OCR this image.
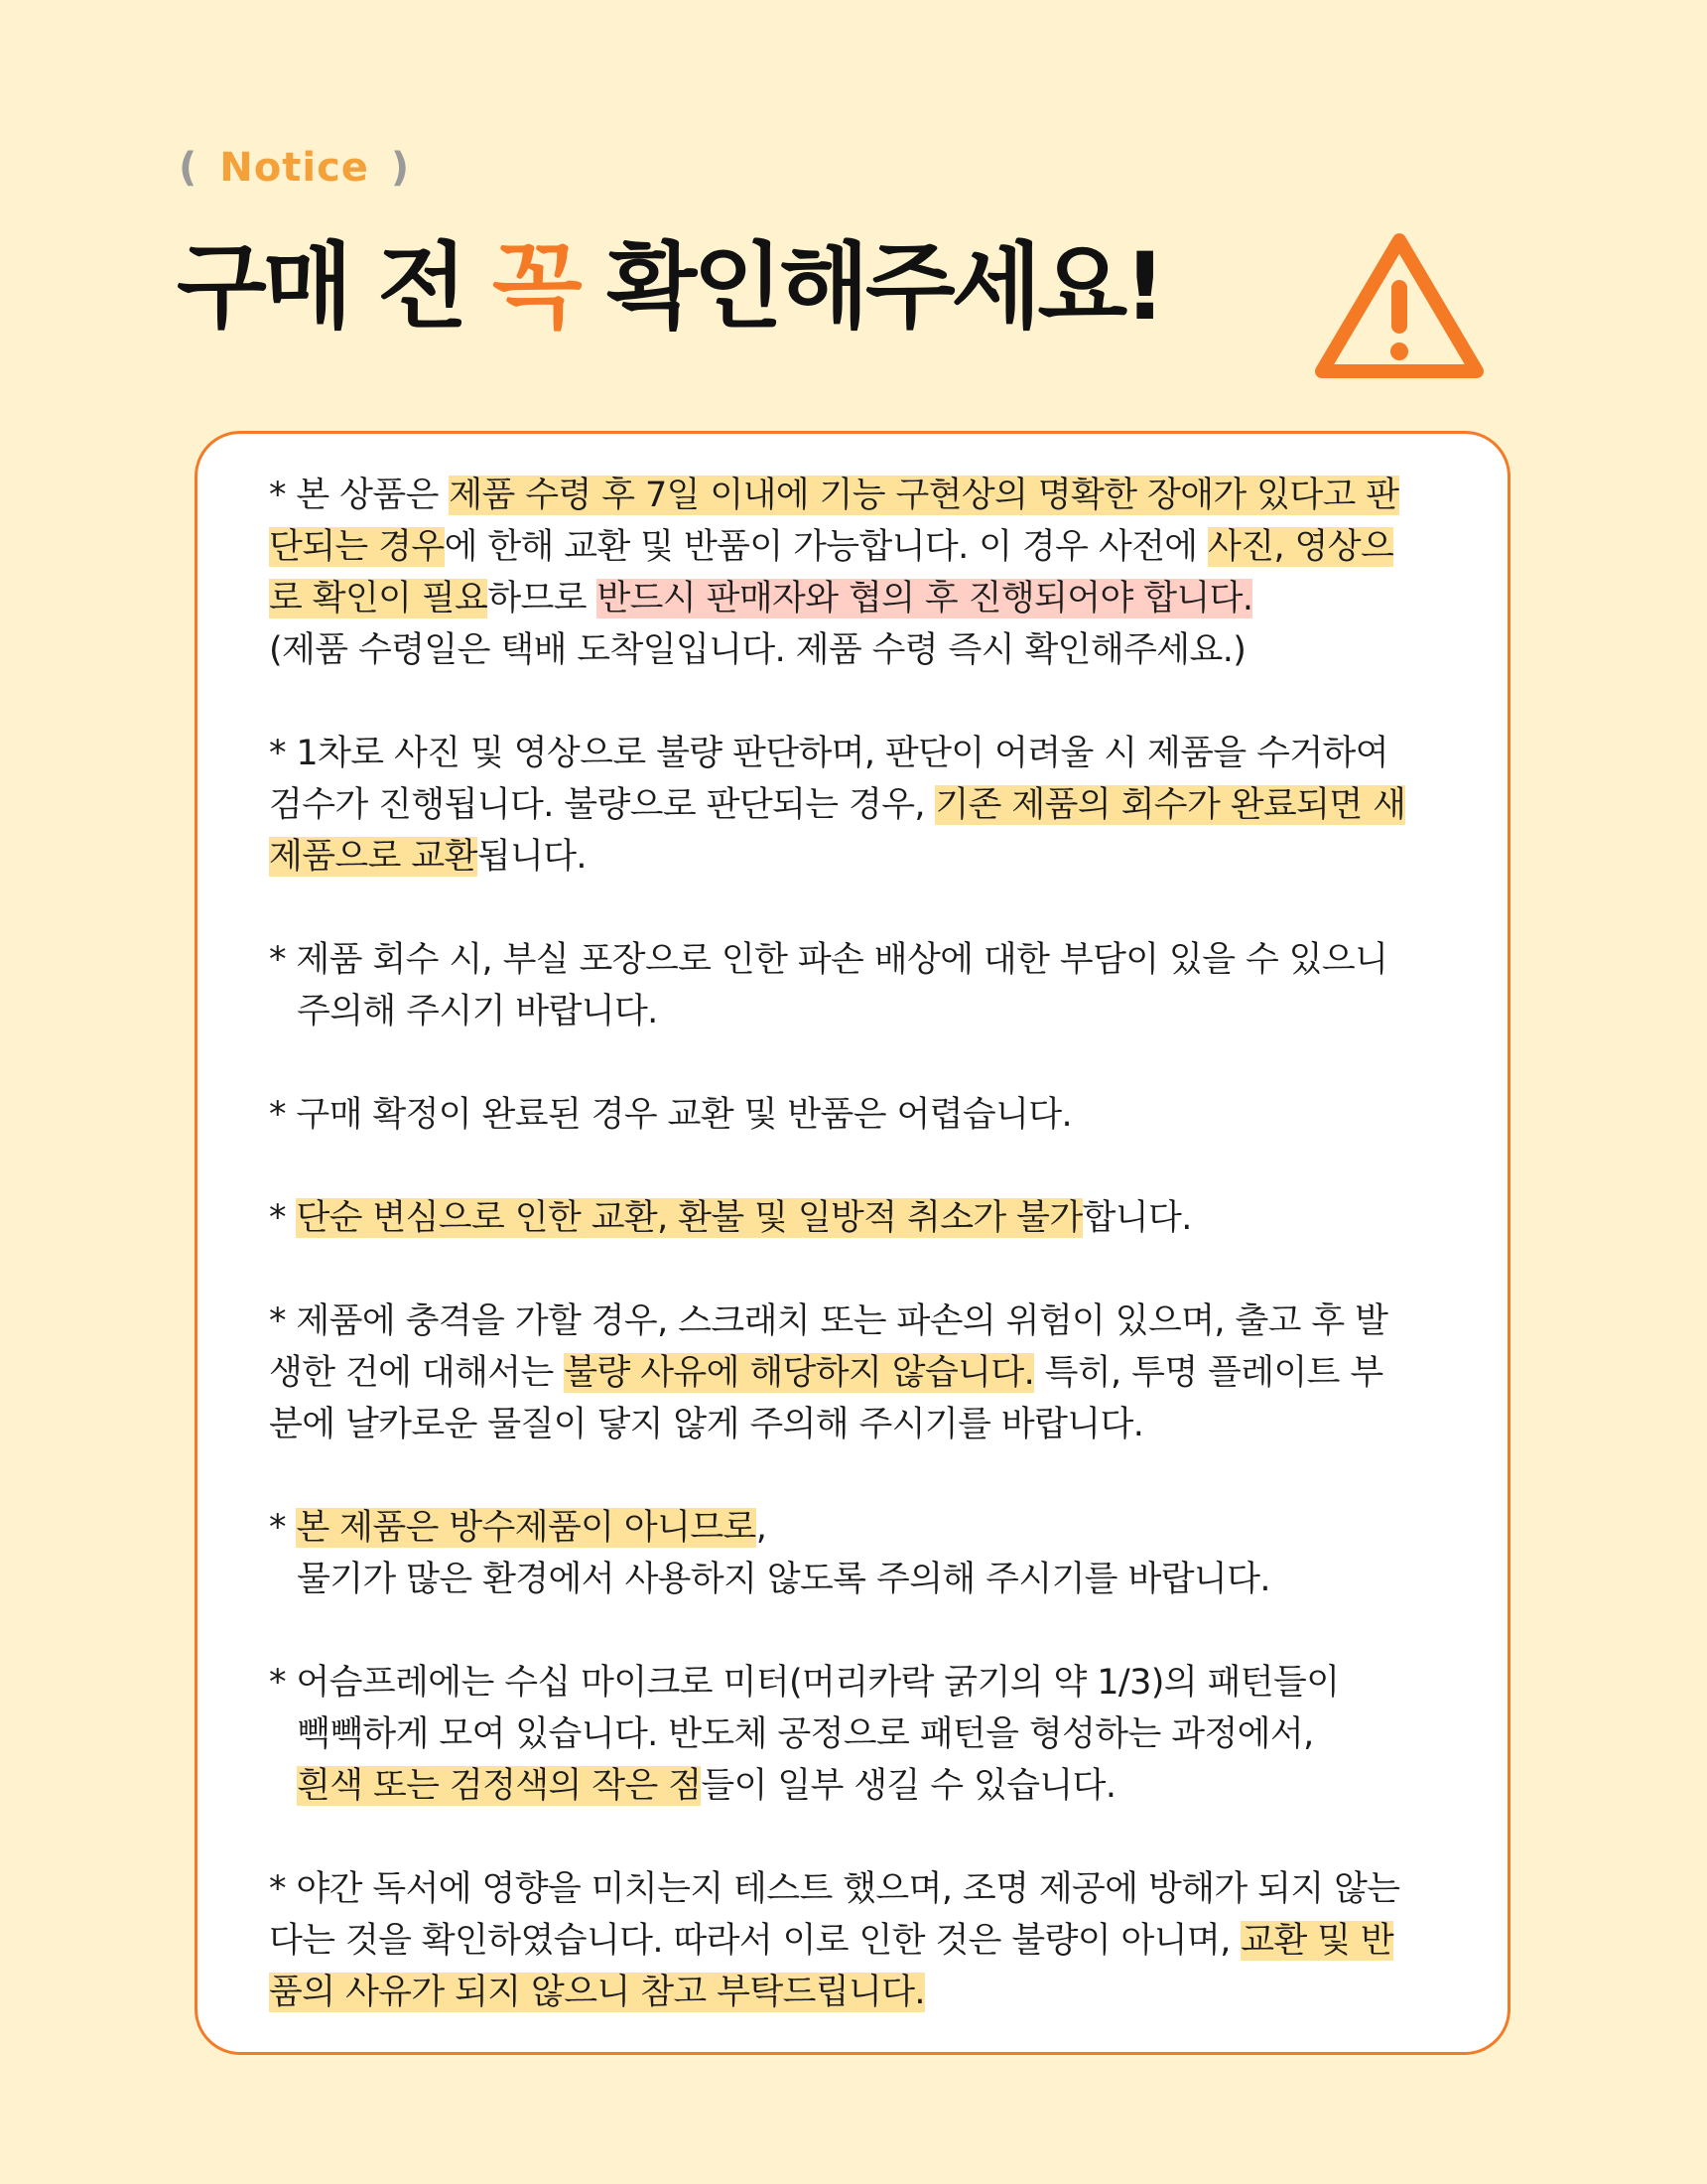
( Notice )
구매 전 꼭 확인해주세요!
* 본 상품은 제품 수령 후 7일 이내에 기능 구현상의 명확한 장애가 있다고 판
단되는 경우에 한해 교환 및 반품이 가능합니다. 이 경우 사전에 사진, 영상으
로 확인이 필요하므로 반드시 판매자와 협의 후 진행되어야 합니다.
(제품 수령일은 택배 도착일입니다. 제품 수령 즉시 확인해주세요.)
* 1차로 사진 및 영상으로 불량 판단하며, 판단이 어려울 시 제품을 수거하여
검수가 진행됩니다. 불량으로 판단되는 경우, 기존 제품의 회수가 완료되면 새
제품으로 교환됩니다.
* 제품 회수 시, 부실 포장으로 인한 파손 배상에 대한 부담이 있을 수 있으니
주의해 주시기 바랍니다.
* 구매 확정이 완료된 경우 교환 및 반품은 어렵습니다.
* 단순 변심으로 인한 교환, 환불 및 일방적 취소가 불가합니다.
* 제품에 충격을 가할 경우, 스크래치 또는 파손의 위험이 있으며, 출고 후 발
생한 건에 대해서는 불량 사유에 해당하지 않습니다. 특히, 투명 플레이트 부
분에 날카로운 물질이 닿지 않게 주의해 주시기를 바랍니다.
* 본 제품은 방수제품이 아니므로,
물기가 많은 환경에서 사용하지 않도록 주의해 주시기를 바랍니다.
* 어슴프레에는 수십 마이크로 미터(머리카락 굵기의 약 1/3)의 패턴들이
빽빽하게 모여 있습니다. 반도체 공정으로 패턴을 형성하는 과정에서,
흰색 또는 검정색의 작은 점들이 일부 생길 수 있습니다.
* 야간 독서에 영향을 미치는지 테스트 했으며, 조명 제공에 방해가 되지 않는
다는 것을 확인하였습니다. 따라서 이로 인한 것은 불량이 아니며, 교환 및 반
품의 사유가 되지 않으니 참고 부탁드립니다.
